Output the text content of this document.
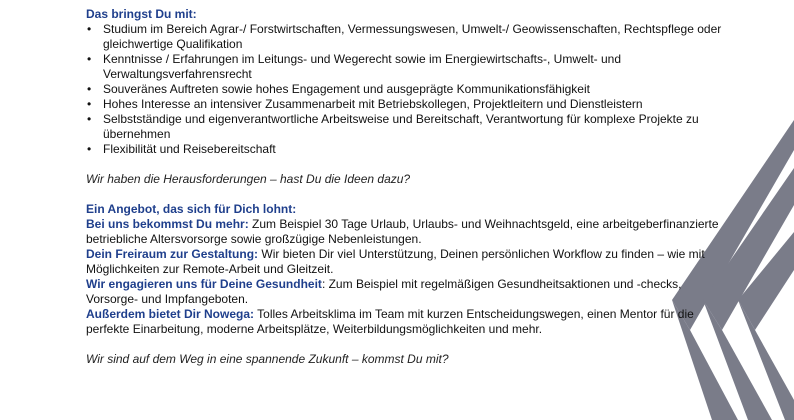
Das bringst Du mit:
• Studium im Bereich Agrar-/ Forstwirtschaften, Vermessungswesen, Umwelt-/ Geowissenschaften, Rechtspflege oder gleichwertige Qualifikation
• Kenntnisse / Erfahrungen im Leitungs- und Wegerecht sowie im Energiewirtschafts-, Umwelt- und Verwaltungsverfahrensrecht
• Souveränes Auftreten sowie hohes Engagement und ausgeprägte Kommunikationsfähigkeit
• Hohes Interesse an intensiver Zusammenarbeit mit Betriebskollegen, Projektleitern und Dienstleistern
• Selbstständige und eigenverantwortliche Arbeitsweise und Bereitschaft, Verantwortung für komplexe Projekte zu übernehmen
• Flexibilität und Reisebereitschaft
Wir haben die Herausforderungen – hast Du die Ideen dazu?
Ein Angebot, das sich für Dich lohnt:
Bei uns bekommst Du mehr: Zum Beispiel 30 Tage Urlaub, Urlaubs- und Weihnachtsgeld, eine arbeitgeberfinanzierte betriebliche Altersvorsorge sowie großzügige Nebenleistungen.
Dein Freiraum zur Gestaltung: Wir bieten Dir viel Unterstützung, Deinen persönlichen Workflow zu finden – wie mit Möglichkeiten zur Remote-Arbeit und Gleitzeit.
Wir engagieren uns für Deine Gesundheit: Zum Beispiel mit regelmäßigen Gesundheitsaktionen und -checks, Vorsorge- und Impfangeboten.
Außerdem bietet Dir Nowega: Tolles Arbeitsklima im Team mit kurzen Entscheidungswegen, einen Mentor für die perfekte Einarbeitung, moderne Arbeitsplätze, Weiterbildungsmöglichkeiten und mehr.
Wir sind auf dem Weg in eine spannende Zukunft – kommst Du mit?
